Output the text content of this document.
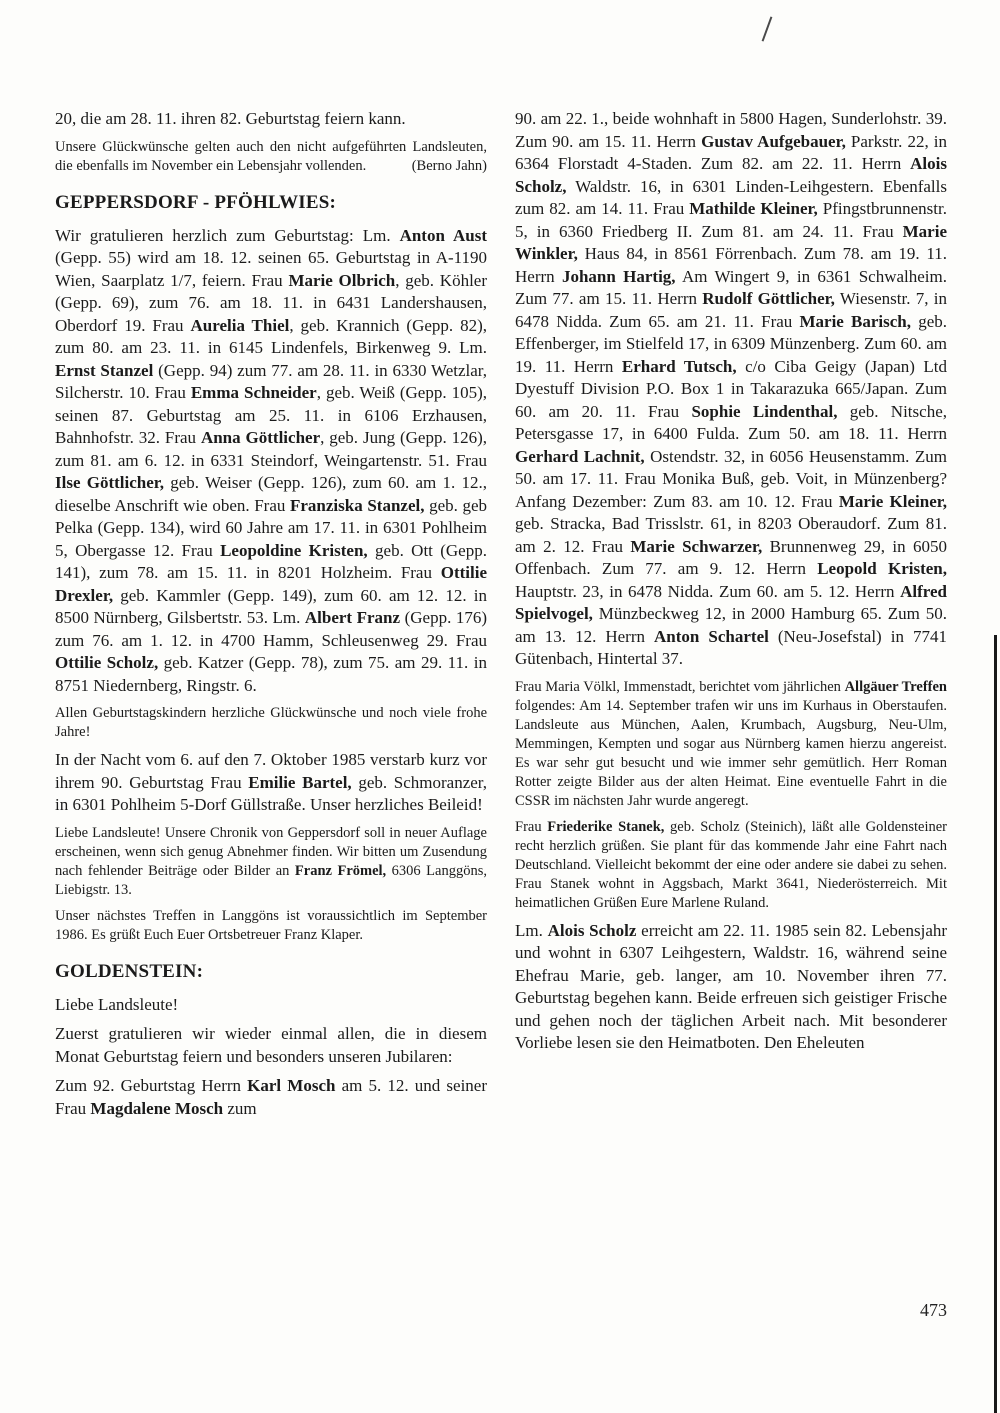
20, die am 28. 11. ihren 82. Geburtstag feiern kann.

Unsere Glückwünsche gelten auch den nicht aufgeführten Landsleuten, die ebenfalls im November ein Lebensjahr vollenden.	(Berno Jahn)

GEPPERSDORF - PFÖHLWIES:

Wir gratulieren herzlich zum Geburtstag: Lm. Anton Aust (Gepp. 55) wird am 18. 12. seinen 65. Geburtstag in A-1190 Wien, Saarplatz 1/7, feiern. Frau Marie Olbrich, geb. Köhler (Gepp. 69), zum 76. am 18. 11. in 6431 Landershausen, Oberdorf 19. Frau Aurelia Thiel, geb. Krannich (Gepp. 82), zum 80. am 23. 11. in 6145 Lindenfels, Birkenweg 9. Lm. Ernst Stanzel (Gepp. 94) zum 77. am 28. 11. in 6330 Wetzlar, Silcherstr. 10. Frau Emma Schneider, geb. Weiß (Gepp. 105), seinen 87. Geburtstag am 25. 11. in 6106 Erzhausen, Bahnhofstr. 32. Frau Anna Göttlicher, geb. Jung (Gepp. 126), zum 81. am 6. 12. in 6331 Steindorf, Weingartenstr. 51. Frau Ilse Göttlicher, geb. Weiser (Gepp. 126), zum 60. am 1. 12., dieselbe Anschrift wie oben. Frau Franziska Stanzel, geb. geb Pelka (Gepp. 134), wird 60 Jahre am 17. 11. in 6301 Pohlheim 5, Obergasse 12. Frau Leopoldine Kristen, geb. Ott (Gepp. 141), zum 78. am 15. 11. in 8201 Holzheim. Frau Ottilie Drexler, geb. Kammler (Gepp. 149), zum 60. am 12. 12. in 8500 Nürnberg, Gilsbertstr. 53. Lm. Albert Franz (Gepp. 176) zum 76. am 1. 12. in 4700 Hamm, Schleusenweg 29. Frau Ottilie Scholz, geb. Katzer (Gepp. 78), zum 75. am 29. 11. in 8751 Niedernberg, Ringstr. 6.

Allen Geburtstagskindern herzliche Glückwünsche und noch viele frohe Jahre!

In der Nacht vom 6. auf den 7. Oktober 1985 verstarb kurz vor ihrem 90. Geburtstag Frau Emilie Bartel, geb. Schmoranzer, in 6301 Pohlheim 5-Dorf Güllstraße. Unser herzliches Beileid!

Liebe Landsleute! Unsere Chronik von Geppersdorf soll in neuer Auflage erscheinen, wenn sich genug Abnehmer finden. Wir bitten um Zusendung nach fehlender Beiträge oder Bilder an Franz Frömel, 6306 Langgöns, Liebigstr. 13.

Unser nächstes Treffen in Langgöns ist voraussichtlich im September 1986. Es grüßt Euch Euer Ortsbetreuer Franz Klaper.

GOLDENSTEIN:

Liebe Landsleute!

Zuerst gratulieren wir wieder einmal allen, die in diesem Monat Geburtstag feiern und besonders unseren Jubilaren:

Zum 92. Geburtstag Herrn Karl Mosch am 5. 12. und seiner Frau Magdalene Mosch zum

90. am 22. 1., beide wohnhaft in 5800 Hagen, Sunderlohstr. 39. Zum 90. am 15. 11. Herrn Gustav Aufgebauer, Parkstr. 22, in 6364 Florstadt 4-Staden. Zum 82. am 22. 11. Herrn Alois Scholz, Waldstr. 16, in 6301 Linden-Leihgestern. Ebenfalls zum 82. am 14. 11. Frau Mathilde Kleiner, Pfingstbrunnenstr. 5, in 6360 Friedberg II. Zum 81. am 24. 11. Frau Marie Winkler, Haus 84, in 8561 Förrenbach. Zum 78. am 19. 11. Herrn Johann Hartig, Am Wingert 9, in 6361 Schwalheim. Zum 77. am 15. 11. Herrn Rudolf Göttlicher, Wiesenstr. 7, in 6478 Nidda. Zum 65. am 21. 11. Frau Marie Barisch, geb. Effenberger, im Stielfeld 17, in 6309 Münzenberg. Zum 60. am 19. 11. Herrn Erhard Tutsch, c/o Ciba Geigy (Japan) Ltd Dyestuff Division P.O. Box 1 in Takarazuka 665/Japan. Zum 60. am 20. 11. Frau Sophie Lindenthal, geb. Nitsche, Petersgasse 17, in 6400 Fulda. Zum 50. am 18. 11. Herrn Gerhard Lachnit, Ostendstr. 32, in 6056 Heusenstamm. Zum 50. am 17. 11. Frau Monika Buß, geb. Voit, in Münzenberg? Anfang Dezember: Zum 83. am 10. 12. Frau Marie Kleiner, geb. Stracka, Bad Trisslstr. 61, in 8203 Oberaudorf. Zum 81. am 2. 12. Frau Marie Schwarzer, Brunnenweg 29, in 6050 Offenbach. Zum 77. am 9. 12. Herrn Leopold Kristen, Hauptstr. 23, in 6478 Nidda. Zum 60. am 5. 12. Herrn Alfred Spielvogel, Münzbeckweg 12, in 2000 Hamburg 65. Zum 50. am 13. 12. Herrn Anton Schartel (Neu-Josefstal) in 7741 Gütenbach, Hintertal 37.

Frau Maria Völkl, Immenstadt, berichtet vom jährlichen Allgäuer Treffen folgendes: Am 14. September trafen wir uns im Kurhaus in Oberstaufen. Landsleute aus München, Aalen, Krumbach, Augsburg, Neu-Ulm, Memmingen, Kempten und sogar aus Nürnberg kamen hierzu angereist. Es war sehr gut besucht und wie immer sehr gemütlich. Herr Roman Rotter zeigte Bilder aus der alten Heimat. Eine eventuelle Fahrt in die CSSR im nächsten Jahr wurde angeregt.

Frau Friederike Stanek, geb. Scholz (Steinich), läßt alle Goldensteiner recht herzlich grüßen. Sie plant für das kommende Jahr eine Fahrt nach Deutschland. Vielleicht bekommt der eine oder andere sie dabei zu sehen. Frau Stanek wohnt in Aggsbach, Markt 3641, Niederösterreich. Mit heimatlichen Grüßen Eure Marlene Ruland.

Lm. Alois Scholz erreicht am 22. 11. 1985 sein 82. Lebensjahr und wohnt in 6307 Leihgestern, Waldstr. 16, während seine Ehefrau Marie, geb. langer, am 10. November ihren 77. Geburtstag begehen kann. Beide erfreuen sich geistiger Frische und gehen noch der täglichen Arbeit nach. Mit besonderer Vorliebe lesen sie den Heimatboten. Den Eheleuten

473
